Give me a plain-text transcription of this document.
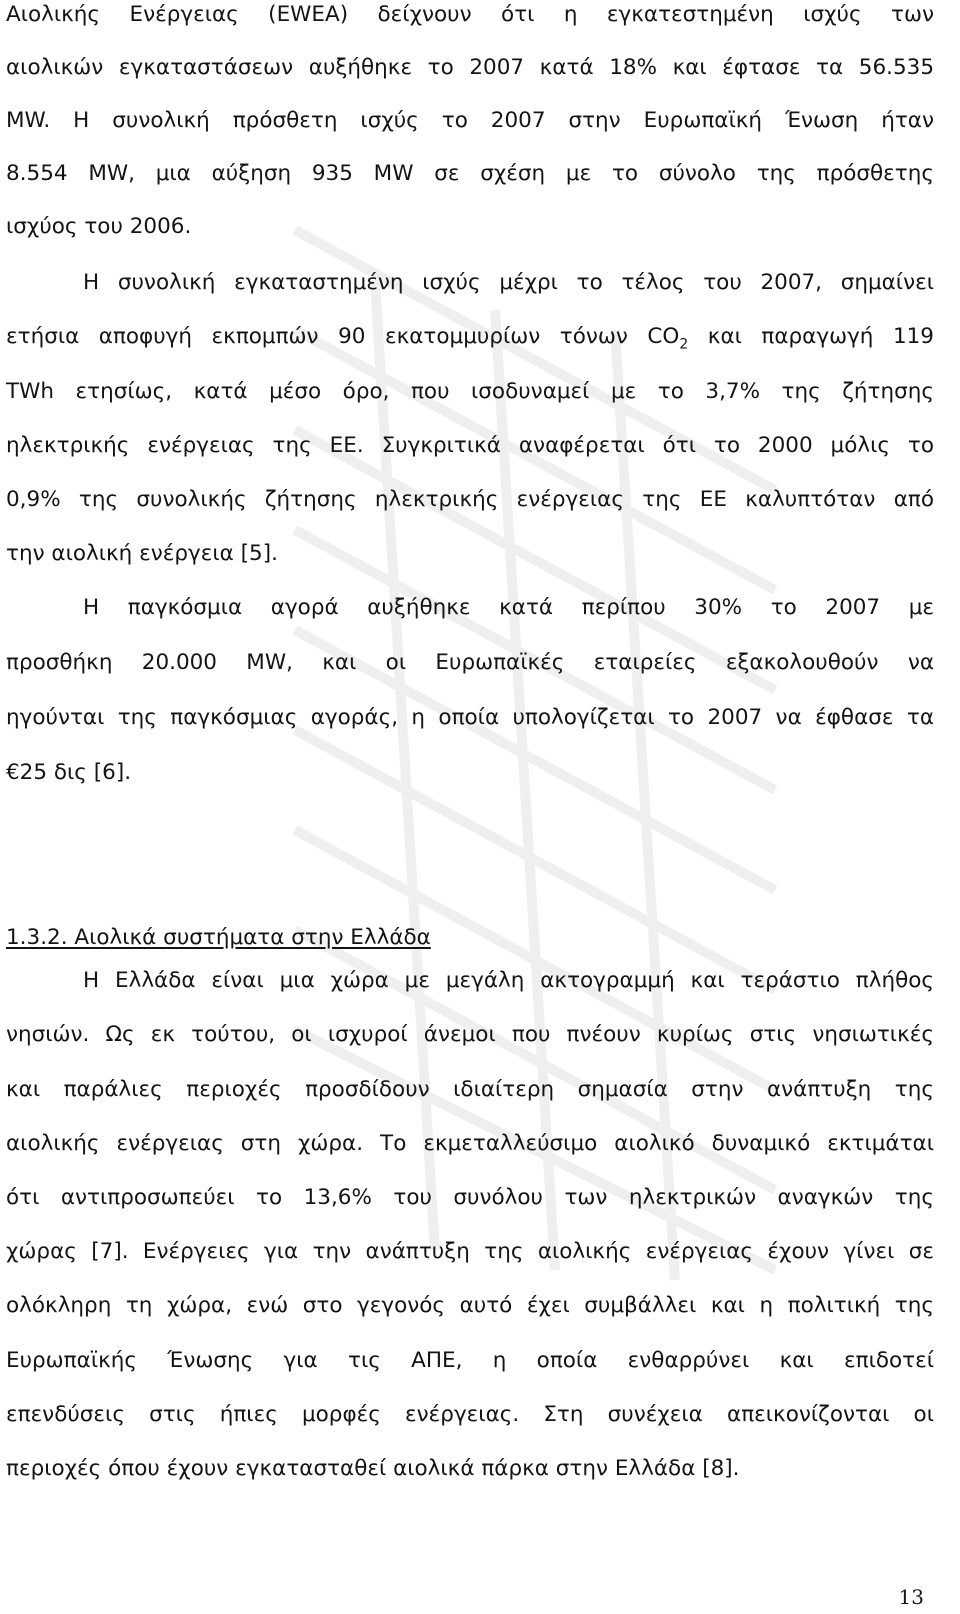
Αιολικής Ενέργειας (EWEA) δείχνουν ότι η εγκατεστημένη ισχύς των

αιολικών εγκαταστάσεων αυξήθηκε το 2007 κατά 18% και έφτασε τα 56.535

MW. Η συνολική πρόσθετη ισχύς το 2007 στην Ευρωπαϊκή Ένωση ήταν

8.554 MW, μια αύξηση 935 MW σε σχέση με το σύνολο της πρόσθετης

ισχύος του 2006.

Η συνολική εγκαταστημένη ισχύς μέχρι το τέλος του 2007, σημαίνει

ετήσια αποφυγή εκπομπών 90 εκατομμυρίων τόνων $CO_2$ και παραγωγή 119

TWh ετησίως, κατά μέσο όρο, που ισοδυναμεί με το 3,7% της ζήτησης

ηλεκτρικής ενέργειας της ΕΕ. Συγκριτικά αναφέρεται ότι το 2000 μόλις το

0,9% της συνολικής ζήτησης ηλεκτρικής ενέργειας της ΕΕ καλυπτόταν από

την αιολική ενέργεια [5].

Η παγκόσμια αγορά αυξήθηκε κατά περίπου 30% το 2007 με

προσθήκη 20.000 MW, και οι Ευρωπαϊκές εταιρείες εξακολουθούν να

ηγούνται της παγκόσμιας αγοράς, η οποία υπολογίζεται το 2007 να έφθασε τα

€25 δις [6].

1.3.2. Αιολικά συστήματα στην Ελλάδα

Η Ελλάδα είναι μια χώρα με μεγάλη ακτογραμμή και τεράστιο πλήθος

νησιών. Ως εκ τούτου, οι ισχυροί άνεμοι που πνέουν κυρίως στις νησιωτικές

και παράλιες περιοχές προσδίδουν ιδιαίτερη σημασία στην ανάπτυξη της

αιολικής ενέργειας στη χώρα. Το εκμεταλλεύσιμο αιολικό δυναμικό εκτιμάται

ότι αντιπροσωπεύει το 13,6% του συνόλου των ηλεκτρικών αναγκών της

χώρας [7]. Ενέργειες για την ανάπτυξη της αιολικής ενέργειας έχουν γίνει σε

ολόκληρη τη χώρα, ενώ στο γεγονός αυτό έχει συμβάλλει και η πολιτική της

Ευρωπαϊκής Ένωσης για τις ΑΠΕ, η οποία ενθαρρύνει και επιδοτεί

επενδύσεις στις ήπιες μορφές ενέργειας. Στη συνέχεια απεικονίζονται οι

περιοχές όπου έχουν εγκατασταθεί αιολικά πάρκα στην Ελλάδα [8].

13
